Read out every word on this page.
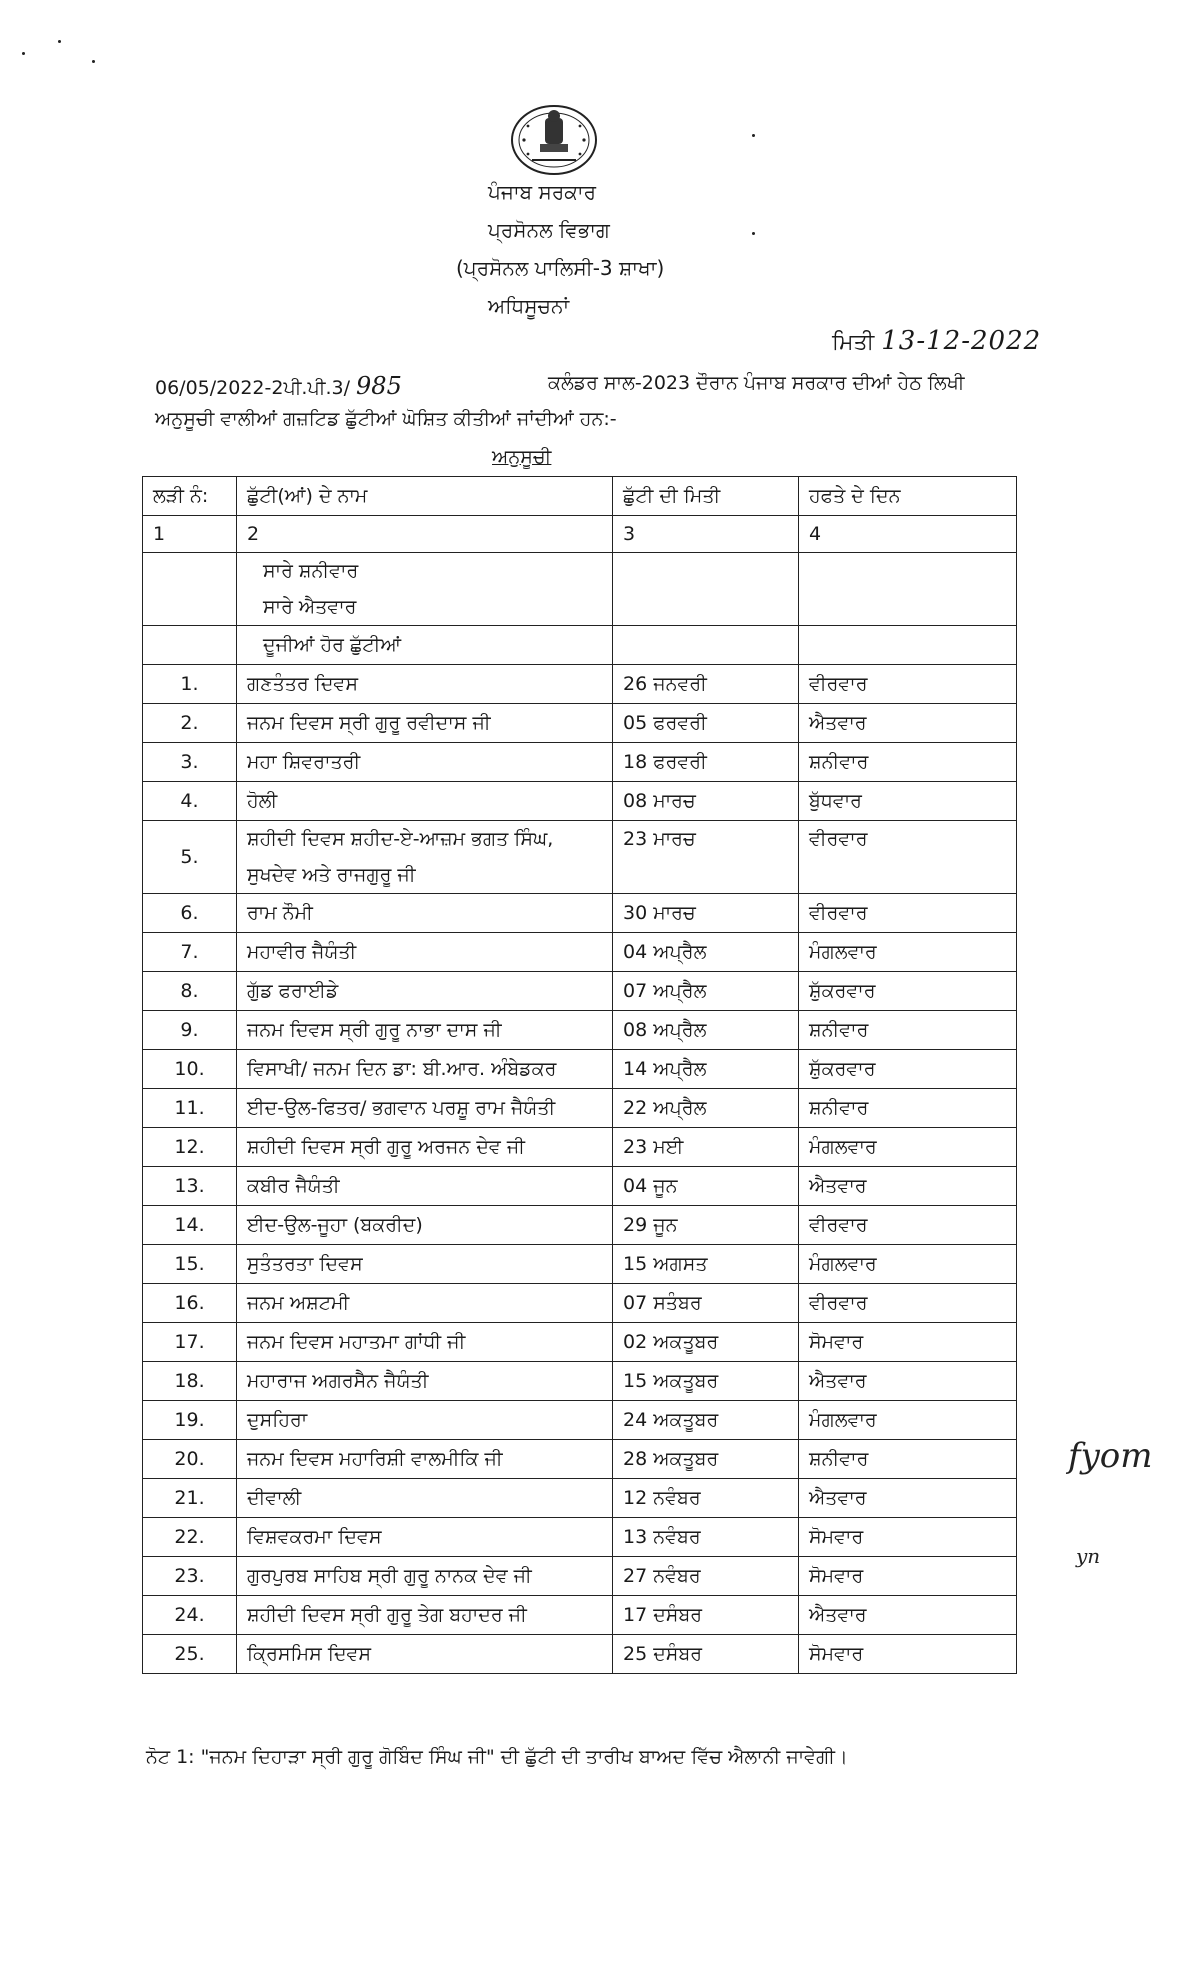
ਪੰਜਾਬ ਸਰਕਾਰ
ਪ੍ਰਸੋਨਲ ਵਿਭਾਗ
(ਪ੍ਰਸੋਨਲ ਪਾਲਿਸੀ-3 ਸ਼ਾਖਾ)
ਅਧਿਸੂਚਨਾਂ
ਮਿਤੀ 13-12-2022
06/05/2022-2ਪੀ.ਪੀ.3/ 985	ਕਲੰਡਰ ਸਾਲ-2023 ਦੌਰਾਨ ਪੰਜਾਬ ਸਰਕਾਰ ਦੀਆਂ ਹੇਠ ਲਿਖੀ
ਅਨੁਸੂਚੀ ਵਾਲੀਆਂ ਗਜ਼ਟਿਡ ਛੁੱਟੀਆਂ ਘੋਸ਼ਿਤ ਕੀਤੀਆਂ ਜਾਂਦੀਆਂ ਹਨ:-
ਅਨੁਸੂਚੀ
ਲੜੀ ਨੰ:	ਛੁੱਟੀ(ਆਂ) ਦੇ ਨਾਮ	ਛੁੱਟੀ ਦੀ ਮਿਤੀ	ਹਫਤੇ ਦੇ ਦਿਨ
1	2	3	4

	ਸਾਰੇ ਸ਼ਨੀਵਾਰ
ਸਾਰੇ ਐਤਵਾਰ		

	ਦੂਜੀਆਂ ਹੋਰ ਛੁੱਟੀਆਂ		
1.	ਗਣਤੰਤਰ ਦਿਵਸ	26 ਜਨਵਰੀ	ਵੀਰਵਾਰ
2.	ਜਨਮ ਦਿਵਸ ਸ੍ਰੀ ਗੁਰੂ ਰਵੀਦਾਸ ਜੀ	05 ਫਰਵਰੀ	ਐਤਵਾਰ
3.	ਮਹਾ ਸ਼ਿਵਰਾਤਰੀ	18 ਫਰਵਰੀ	ਸ਼ਨੀਵਾਰ
4.	ਹੋਲੀ	08 ਮਾਰਚ	ਬੁੱਧਵਾਰ
5.	ਸ਼ਹੀਦੀ ਦਿਵਸ ਸ਼ਹੀਦ-ਏ-ਆਜ਼ਮ ਭਗਤ ਸਿੰਘ,
ਸੁਖਦੇਵ ਅਤੇ ਰਾਜਗੁਰੂ ਜੀ	23 ਮਾਰਚ	ਵੀਰਵਾਰ
6.	ਰਾਮ ਨੌਮੀ	30 ਮਾਰਚ	ਵੀਰਵਾਰ
7.	ਮਹਾਵੀਰ ਜੈਯੰਤੀ	04 ਅਪ੍ਰੈਲ	ਮੰਗਲਵਾਰ
8.	ਗੁੱਡ ਫਰਾਈਡੇ	07 ਅਪ੍ਰੈਲ	ਸ਼ੁੱਕਰਵਾਰ
9.	ਜਨਮ ਦਿਵਸ ਸ੍ਰੀ ਗੁਰੂ ਨਾਭਾ ਦਾਸ ਜੀ	08 ਅਪ੍ਰੈਲ	ਸ਼ਨੀਵਾਰ
10.	ਵਿਸਾਖੀ/ ਜਨਮ ਦਿਨ ਡਾ: ਬੀ.ਆਰ. ਅੰਬੇਡਕਰ	14 ਅਪ੍ਰੈਲ	ਸ਼ੁੱਕਰਵਾਰ
11.	ਈਦ-ਉਲ-ਫਿਤਰ/ ਭਗਵਾਨ ਪਰਸ਼ੂ ਰਾਮ ਜੈਯੰਤੀ	22 ਅਪ੍ਰੈਲ	ਸ਼ਨੀਵਾਰ
12.	ਸ਼ਹੀਦੀ ਦਿਵਸ ਸ੍ਰੀ ਗੁਰੂ ਅਰਜਨ ਦੇਵ ਜੀ	23 ਮਈ	ਮੰਗਲਵਾਰ
13.	ਕਬੀਰ ਜੈਯੰਤੀ	04 ਜੂਨ	ਐਤਵਾਰ
14.	ਈਦ-ਉਲ-ਜੂਹਾ (ਬਕਰੀਦ)	29 ਜੂਨ	ਵੀਰਵਾਰ
15.	ਸੁਤੰਤਰਤਾ ਦਿਵਸ	15 ਅਗਸਤ	ਮੰਗਲਵਾਰ
16.	ਜਨਮ ਅਸ਼ਟਮੀ	07 ਸਤੰਬਰ	ਵੀਰਵਾਰ
17.	ਜਨਮ ਦਿਵਸ ਮਹਾਤਮਾ ਗਾਂਧੀ ਜੀ	02 ਅਕਤੂਬਰ	ਸੋਮਵਾਰ
18.	ਮਹਾਰਾਜ ਅਗਰਸੈਨ ਜੈਯੰਤੀ	15 ਅਕਤੂਬਰ	ਐਤਵਾਰ
19.	ਦੁਸਹਿਰਾ	24 ਅਕਤੂਬਰ	ਮੰਗਲਵਾਰ
20.	ਜਨਮ ਦਿਵਸ ਮਹਾਰਿਸ਼ੀ ਵਾਲਮੀਕਿ ਜੀ	28 ਅਕਤੂਬਰ	ਸ਼ਨੀਵਾਰ
21.	ਦੀਵਾਲੀ	12 ਨਵੰਬਰ	ਐਤਵਾਰ
22.	ਵਿਸ਼ਵਕਰਮਾ ਦਿਵਸ	13 ਨਵੰਬਰ	ਸੋਮਵਾਰ
23.	ਗੁਰਪੁਰਬ ਸਾਹਿਬ ਸ੍ਰੀ ਗੁਰੂ ਨਾਨਕ ਦੇਵ ਜੀ	27 ਨਵੰਬਰ	ਸੋਮਵਾਰ
24.	ਸ਼ਹੀਦੀ ਦਿਵਸ ਸ੍ਰੀ ਗੁਰੂ ਤੇਗ ਬਹਾਦਰ ਜੀ	17 ਦਸੰਬਰ	ਐਤਵਾਰ
25.	ਕ੍ਰਿਸਮਿਸ ਦਿਵਸ	25 ਦਸੰਬਰ	ਸੋਮਵਾਰ
ਨੋਟ 1: "ਜਨਮ ਦਿਹਾੜਾ ਸ੍ਰੀ ਗੁਰੂ ਗੋਬਿੰਦ ਸਿੰਘ ਜੀ" ਦੀ ਛੁੱਟੀ ਦੀ ਤਾਰੀਖ ਬਾਅਦ ਵਿੱਚ ਐਲਾਨੀ ਜਾਵੇਗੀ।
fyom
yn
